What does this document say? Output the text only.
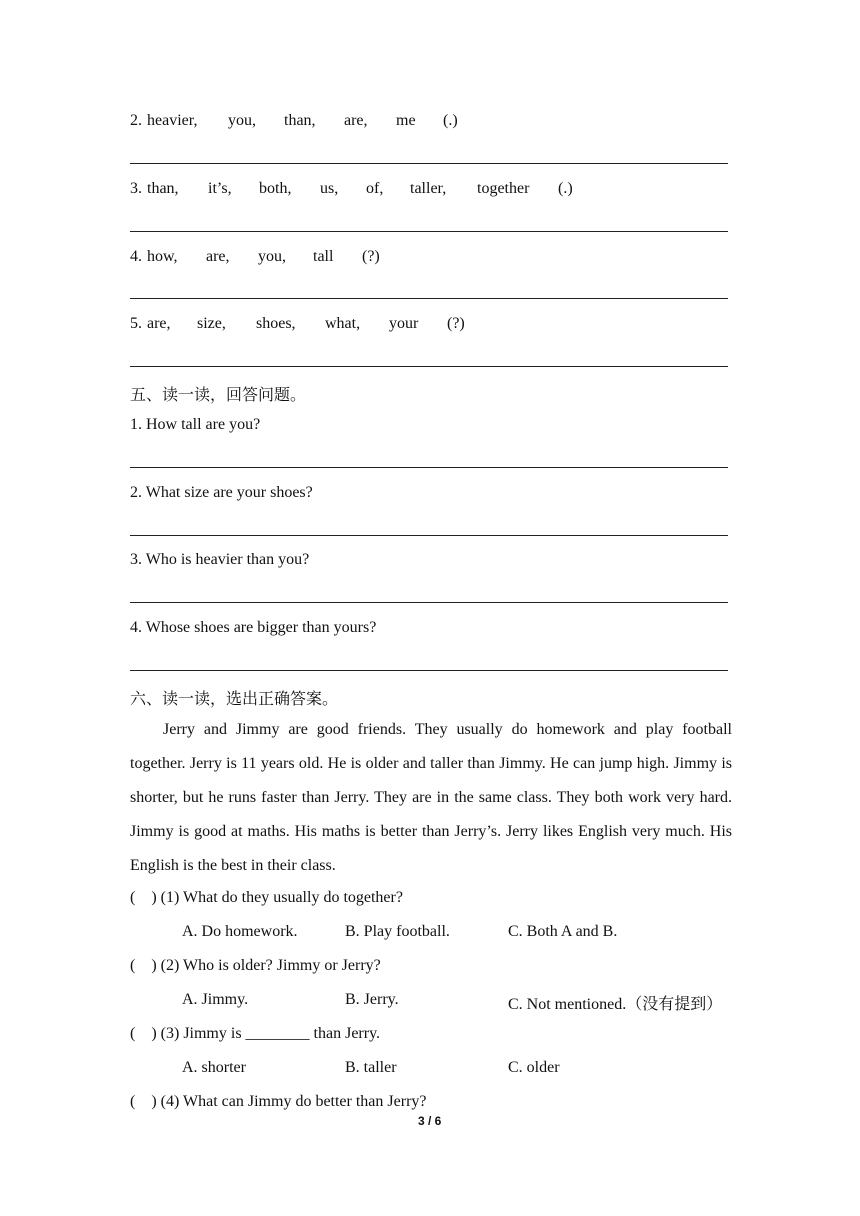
2. heavier, you, than, are, me (.)
3. than, it’s, both, us, of, taller, together (.)
4. how, are, you, tall (?)
5. are, size, shoes, what, your (?)
五、读一读，回答问题。
1. How tall are you?
2. What size are your shoes?
3. Who is heavier than you?
4. Whose shoes are bigger than yours?
六、读一读，选出正确答案。
Jerry and Jimmy are good friends. They usually do homework and play football together. Jerry is 11 years old. He is older and taller than Jimmy. He can jump high. Jimmy is shorter, but he runs faster than Jerry. They are in the same class. They both work very hard. Jimmy is good at maths. His maths is better than Jerry’s. Jerry likes English very much. His English is the best in their class.
(    ) (1) What do they usually do together?
A. Do homework.	B. Play football.	C. Both A and B.
(    ) (2) Who is older? Jimmy or Jerry?
A. Jimmy.	B. Jerry.	C. Not mentioned.（没有提到）
(    ) (3) Jimmy is ________ than Jerry.
A. shorter	B. taller	C. older
(    ) (4) What can Jimmy do better than Jerry?
3 / 6
